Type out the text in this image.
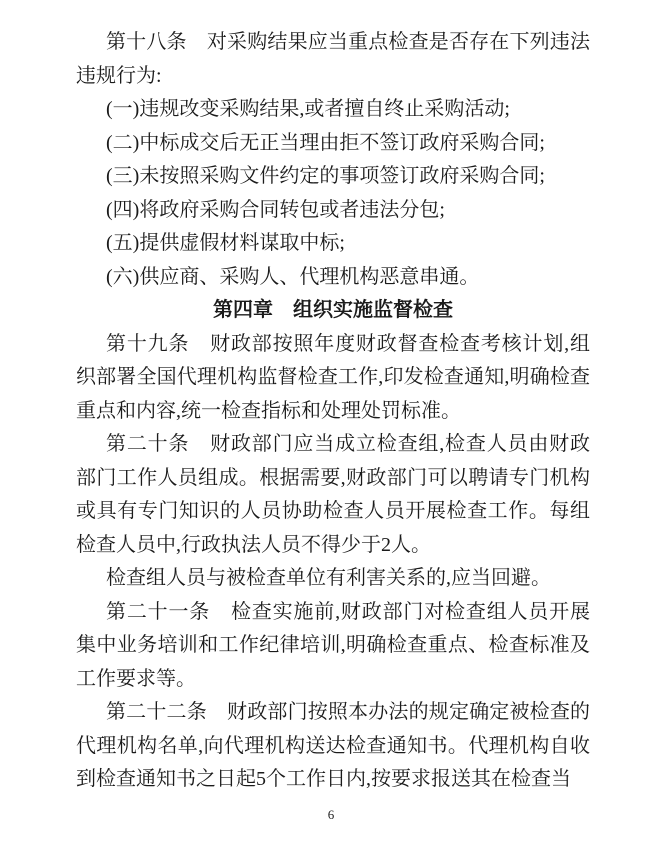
第十八条　对采购结果应当重点检查是否存在下列违法违规行为:

(一)违规改变采购结果,或者擅自终止采购活动;

(二)中标成交后无正当理由拒不签订政府采购合同;

(三)未按照采购文件约定的事项签订政府采购合同;

(四)将政府采购合同转包或者违法分包;

(五)提供虚假材料谋取中标;

(六)供应商、采购人、代理机构恶意串通。

第四章　组织实施监督检查

第十九条　财政部按照年度财政督查检查考核计划,组织部署全国代理机构监督检查工作,印发检查通知,明确检查重点和内容,统一检查指标和处理处罚标准。

第二十条　财政部门应当成立检查组,检查人员由财政部门工作人员组成。根据需要,财政部门可以聘请专门机构或具有专门知识的人员协助检查人员开展检查工作。每组检查人员中,行政执法人员不得少于2人。

检查组人员与被检查单位有利害关系的,应当回避。

第二十一条　检查实施前,财政部门对检查组人员开展集中业务培训和工作纪律培训,明确检查重点、检查标准及工作要求等。

第二十二条　财政部门按照本办法的规定确定被检查的代理机构名单,向代理机构送达检查通知书。代理机构自收到检查通知书之日起5个工作日内,按要求报送其在检查当

6
